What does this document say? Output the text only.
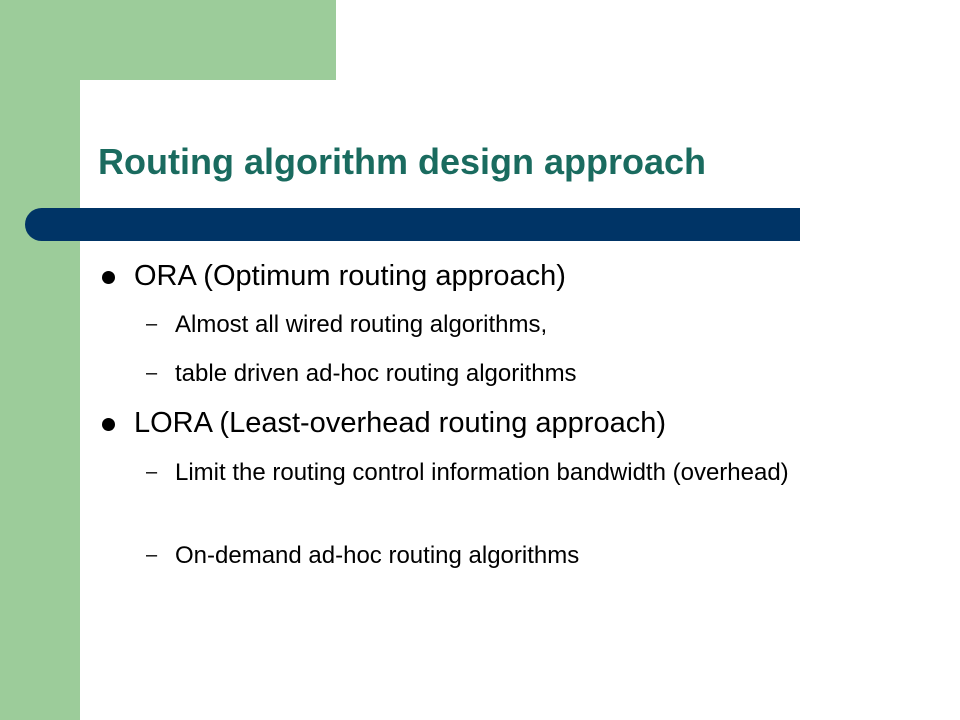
Routing algorithm design approach
ORA (Optimum routing approach)
– Almost all wired routing algorithms,
– table driven ad-hoc routing algorithms
LORA (Least-overhead routing approach)
– Limit the routing control information bandwidth (overhead)
– On-demand ad-hoc routing algorithms
